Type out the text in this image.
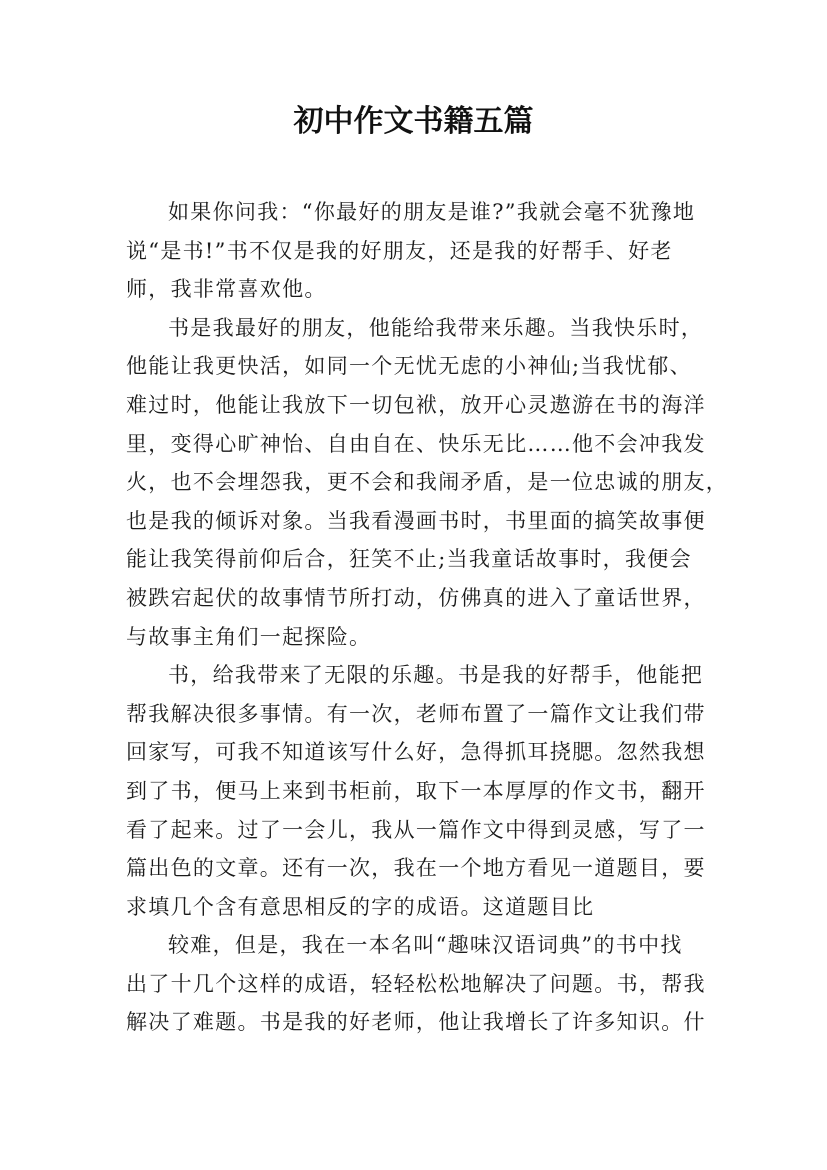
初中作文书籍五篇

如果你问我：“你最好的朋友是谁?”我就会毫不犹豫地
说“是书!”书不仅是我的好朋友，还是我的好帮手、好老
师，我非常喜欢他。

书是我最好的朋友，他能给我带来乐趣。当我快乐时，
他能让我更快活，如同一个无忧无虑的小神仙;当我忧郁、
难过时，他能让我放下一切包袱，放开心灵遨游在书的海洋
里，变得心旷神怡、自由自在、快乐无比……他不会冲我发
火，也不会埋怨我，更不会和我闹矛盾，是一位忠诚的朋友，
也是我的倾诉对象。当我看漫画书时，书里面的搞笑故事便
能让我笑得前仰后合，狂笑不止;当我童话故事时，我便会
被跌宕起伏的故事情节所打动，仿佛真的进入了童话世界，
与故事主角们一起探险。

书，给我带来了无限的乐趣。书是我的好帮手，他能把
帮我解决很多事情。有一次，老师布置了一篇作文让我们带
回家写，可我不知道该写什么好，急得抓耳挠腮。忽然我想
到了书，便马上来到书柜前，取下一本厚厚的作文书，翻开
看了起来。过了一会儿，我从一篇作文中得到灵感，写了一
篇出色的文章。还有一次，我在一个地方看见一道题目，要
求填几个含有意思相反的字的成语。这道题目比

较难，但是，我在一本名叫“趣味汉语词典”的书中找
出了十几个这样的成语，轻轻松松地解决了问题。书，帮我
解决了难题。书是我的好老师，他让我增长了许多知识。什
